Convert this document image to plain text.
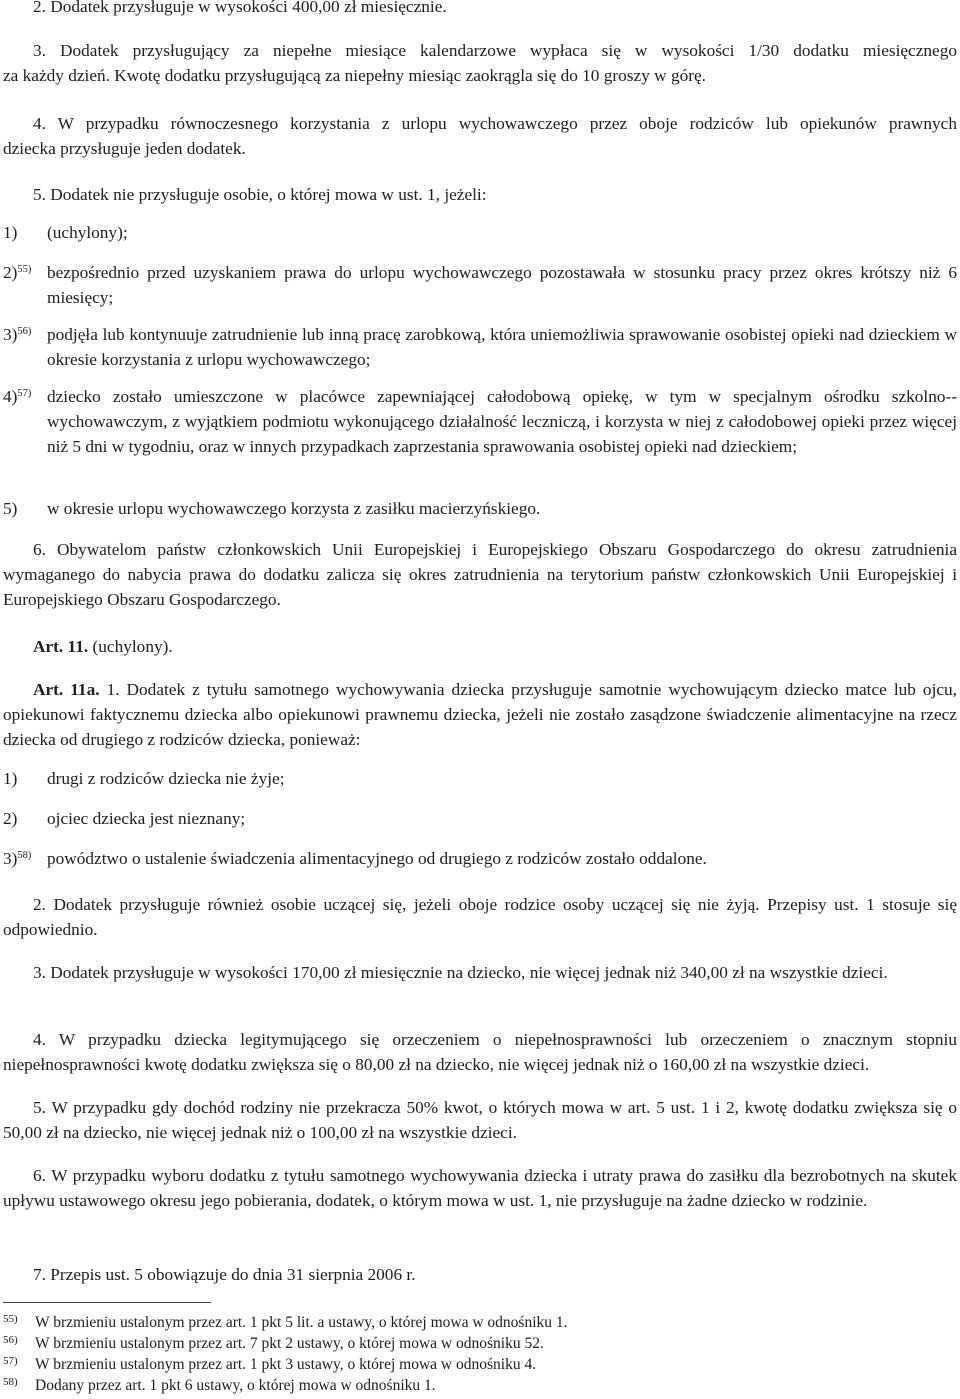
2. Dodatek przysługuje w wysokości 400,00 zł miesięcznie.

3. Dodatek przysługujący za niepełne miesiące kalendarzowe wypłaca się w wysokości 1/30 dodatku miesięcznego

za każdy dzień. Kwotę dodatku przysługującą za niepełny miesiąc zaokrągla się do 10 groszy w górę.

4. W przypadku równoczesnego korzystania z urlopu wychowawczego przez oboje rodziców lub opiekunów prawnych

dziecka przysługuje jeden dodatek.

5. Dodatek nie przysługuje osobie, o której mowa w ust. 1, jeżeli:

1) (uchylony);
2)$^{55)}$ bezpośrednio przed uzyskaniem prawa do urlopu wychowawczego pozostawała w stosunku pracy przez okres krótszy niż 6 miesięcy;
3)$^{56)}$ podjęła lub kontynuuje zatrudnienie lub inną pracę zarobkową, która uniemożliwia sprawowanie osobistej opieki nad dzieckiem w okresie korzystania z urlopu wychowawczego;
4)$^{57)}$ dziecko zostało umieszczone w placówce zapewniającej całodobową opiekę, w tym w specjalnym ośrodku szkolno--wychowawczym, z wyjątkiem podmiotu wykonującego działalność leczniczą, i korzysta w niej z całodobowej opieki przez więcej niż 5 dni w tygodniu, oraz w innych przypadkach zaprzestania sprawowania osobistej opieki nad dzieckiem;
5) w okresie urlopu wychowawczego korzysta z zasiłku macierzyńskiego.

6. Obywatelom państw członkowskich Unii Europejskiej i Europejskiego Obszaru Gospodarczego do okresu zatrudnienia wymaganego do nabycia prawa do dodatku zalicza się okres zatrudnienia na terytorium państw członkowskich Unii Europejskiej i Europejskiego Obszaru Gospodarczego.

Art. 11. (uchylony).

Art. 11a. 1. Dodatek z tytułu samotnego wychowywania dziecka przysługuje samotnie wychowującym dziecko matce lub ojcu, opiekunowi faktycznemu dziecka albo opiekunowi prawnemu dziecka, jeżeli nie zostało zasądzone świadczenie alimentacyjne na rzecz dziecka od drugiego z rodziców dziecka, ponieważ:

1) drugi z rodziców dziecka nie żyje;
2) ojciec dziecka jest nieznany;
3)$^{58)}$ powództwo o ustalenie świadczenia alimentacyjnego od drugiego z rodziców zostało oddalone.

2. Dodatek przysługuje również osobie uczącej się, jeżeli oboje rodzice osoby uczącej się nie żyją. Przepisy ust. 1 stosuje się odpowiednio.

3. Dodatek przysługuje w wysokości 170,00 zł miesięcznie na dziecko, nie więcej jednak niż 340,00 zł na wszystkie dzieci.

4. W przypadku dziecka legitymującego się orzeczeniem o niepełnosprawności lub orzeczeniem o znacznym stopniu niepełnosprawności kwotę dodatku zwiększa się o 80,00 zł na dziecko, nie więcej jednak niż o 160,00 zł na wszystkie dzieci.

5. W przypadku gdy dochód rodziny nie przekracza 50% kwot, o których mowa w art. 5 ust. 1 i 2, kwotę dodatku zwiększa się o 50,00 zł na dziecko, nie więcej jednak niż o 100,00 zł na wszystkie dzieci.

6. W przypadku wyboru dodatku z tytułu samotnego wychowywania dziecka i utraty prawa do zasiłku dla bezrobotnych na skutek upływu ustawowego okresu jego pobierania, dodatek, o którym mowa w ust. 1, nie przysługuje na żadne dziecko w rodzinie.

7. Przepis ust. 5 obowiązuje do dnia 31 sierpnia 2006 r.

55) W brzmieniu ustalonym przez art. 1 pkt 5 lit. a ustawy, o której mowa w odnośniku 1.
56) W brzmieniu ustalonym przez art. 7 pkt 2 ustawy, o której mowa w odnośniku 52.
57) W brzmieniu ustalonym przez art. 1 pkt 3 ustawy, o której mowa w odnośniku 4.
58) Dodany przez art. 1 pkt 6 ustawy, o której mowa w odnośniku 1.
